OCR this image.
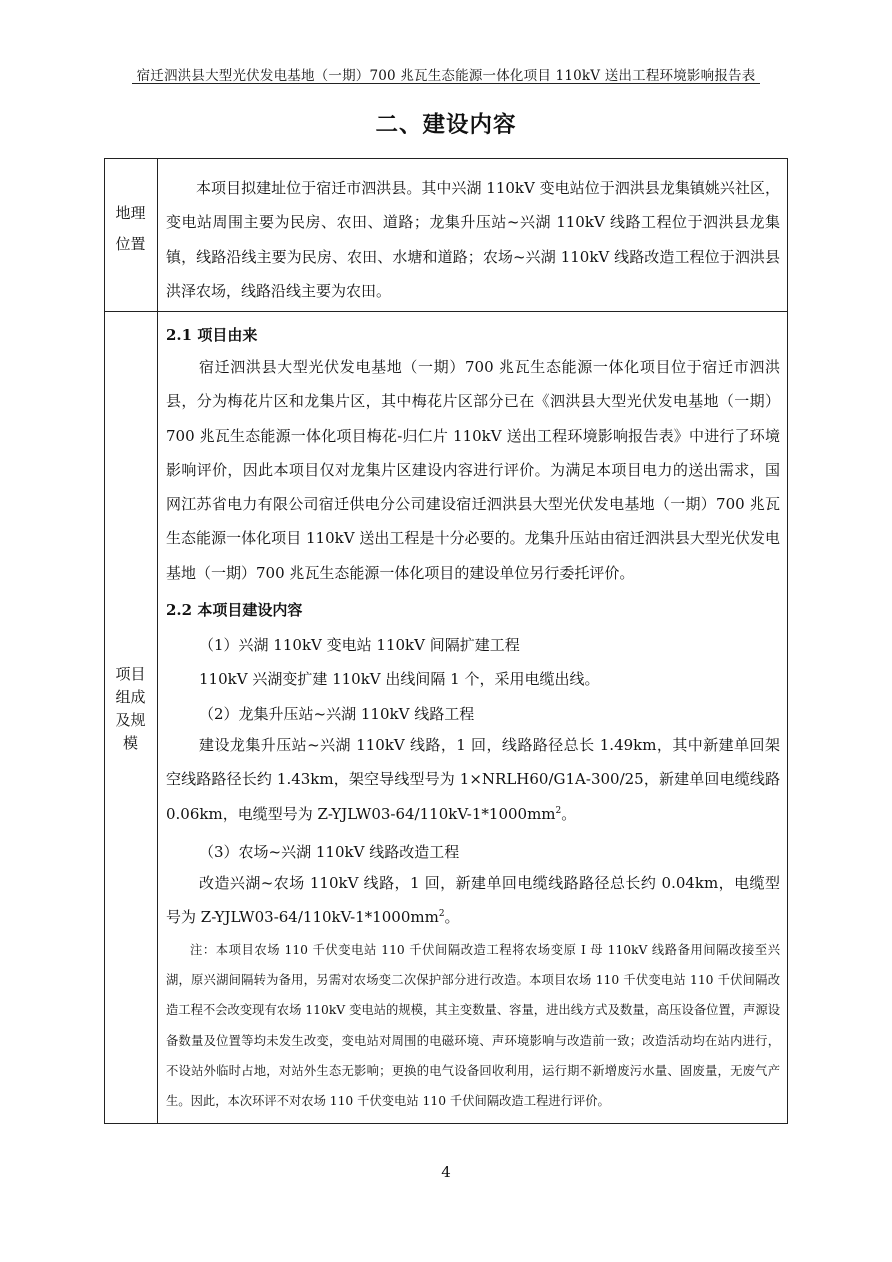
宿迁泗洪县大型光伏发电基地（一期）700 兆瓦生态能源一体化项目 110kV 送出工程环境影响报告表
二、建设内容
地理
位置
本项目拟建址位于宿迁市泗洪县。其中兴湖 110kV 变电站位于泗洪县龙集镇姚兴社区，变电站周围主要为民房、农田、道路；龙集升压站~兴湖 110kV 线路工程位于泗洪县龙集镇，线路沿线主要为民房、农田、水塘和道路；农场~兴湖 110kV 线路改造工程位于泗洪县洪泽农场，线路沿线主要为农田。
项目
组成
及规
模
2.1 项目由来
宿迁泗洪县大型光伏发电基地（一期）700 兆瓦生态能源一体化项目位于宿迁市泗洪县，分为梅花片区和龙集片区，其中梅花片区部分已在《泗洪县大型光伏发电基地（一期）700 兆瓦生态能源一体化项目梅花-归仁片 110kV 送出工程环境影响报告表》中进行了环境影响评价，因此本项目仅对龙集片区建设内容进行评价。为满足本项目电力的送出需求，国网江苏省电力有限公司宿迁供电分公司建设宿迁泗洪县大型光伏发电基地（一期）700 兆瓦生态能源一体化项目 110kV 送出工程是十分必要的。龙集升压站由宿迁泗洪县大型光伏发电基地（一期）700 兆瓦生态能源一体化项目的建设单位另行委托评价。
2.2 本项目建设内容
（1）兴湖 110kV 变电站 110kV 间隔扩建工程
110kV 兴湖变扩建 110kV 出线间隔 1 个，采用电缆出线。
（2）龙集升压站~兴湖 110kV 线路工程
建设龙集升压站~兴湖 110kV 线路，1 回，线路路径总长 1.49km，其中新建单回架空线路路径长约 1.43km，架空导线型号为 1×NRLH60/G1A-300/25，新建单回电缆线路 0.06km，电缆型号为 $Z-YJLW03-64/110kV-1*1000mm^2$。
（3）农场~兴湖 110kV 线路改造工程
改造兴湖~农场 110kV 线路，1 回，新建单回电缆线路路径总长约 0.04km，电缆型号为 $Z-YJLW03-64/110kV-1*1000mm^2$。
注：本项目农场 110 千伏变电站 110 千伏间隔改造工程将农场变原 I 母 110kV 线路备用间隔改接至兴湖，原兴湖间隔转为备用，另需对农场变二次保护部分进行改造。本项目农场 110 千伏变电站 110 千伏间隔改造工程不会改变现有农场 110kV 变电站的规模，其主变数量、容量，进出线方式及数量，高压设备位置，声源设备数量及位置等均未发生改变，变电站对周围的电磁环境、声环境影响与改造前一致；改造活动均在站内进行，不设站外临时占地，对站外生态无影响；更换的电气设备回收利用，运行期不新增废污水量、固废量，无废气产生。因此，本次环评不对农场 110 千伏变电站 110 千伏间隔改造工程进行评价。
4
